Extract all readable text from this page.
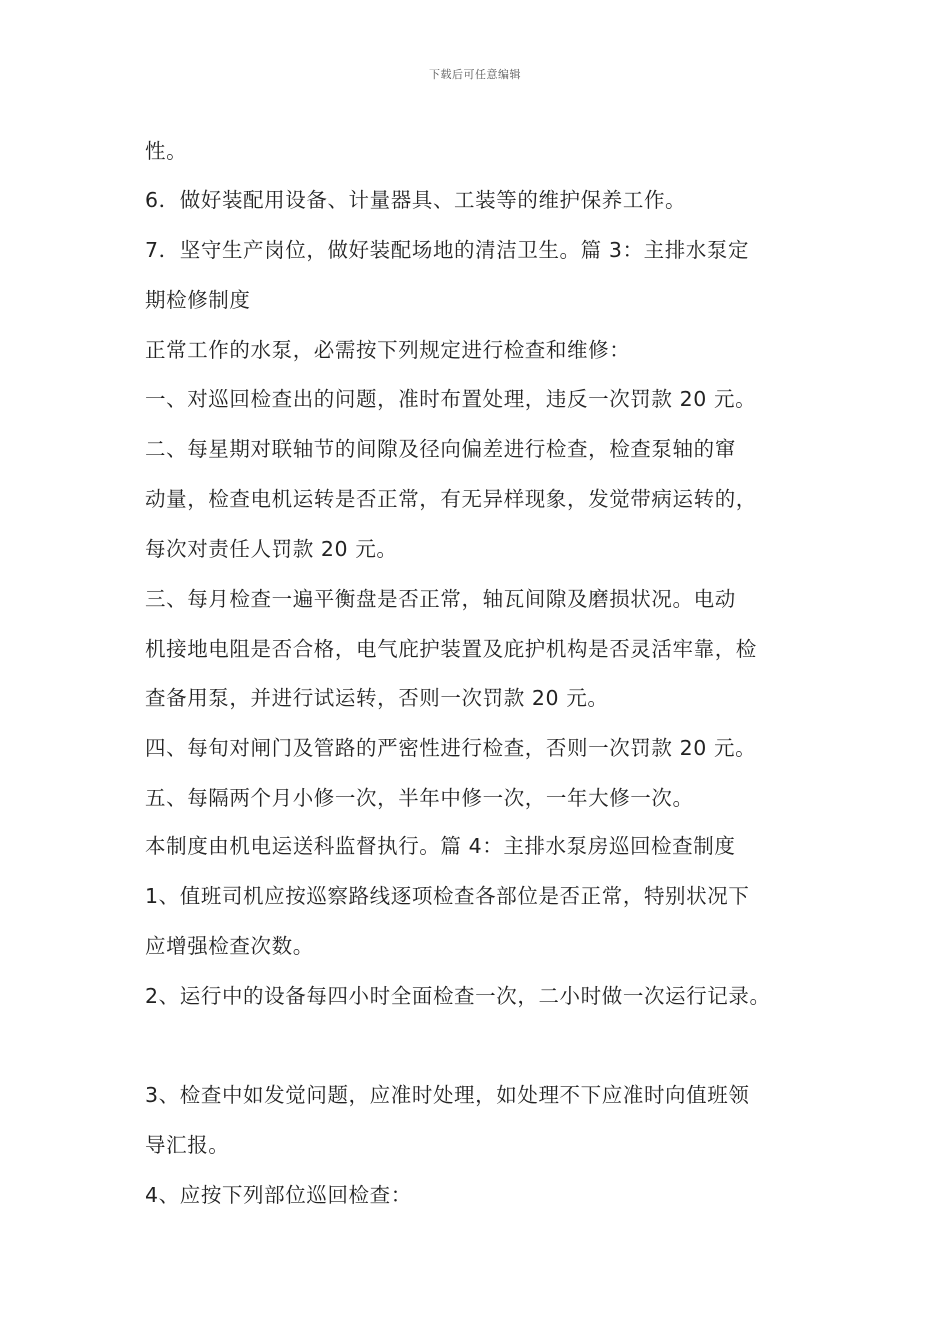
下载后可任意编辑
性。
6．做好装配用设备、计量器具、工装等的维护保养工作。
7．坚守生产岗位，做好装配场地的清洁卫生。篇 3：主排水泵定
期检修制度
正常工作的水泵，必需按下列规定进行检查和维修：
一、对巡回检查出的问题，准时布置处理，违反一次罚款 20 元。
二、每星期对联轴节的间隙及径向偏差进行检查，检查泵轴的窜
动量，检查电机运转是否正常，有无异样现象，发觉带病运转的，
每次对责任人罚款 20 元。
三、每月检查一遍平衡盘是否正常，轴瓦间隙及磨损状况。电动
机接地电阻是否合格，电气庇护装置及庇护机构是否灵活牢靠，检
查备用泵，并进行试运转，否则一次罚款 20 元。
四、每旬对闸门及管路的严密性进行检查，否则一次罚款 20 元。
五、每隔两个月小修一次，半年中修一次，一年大修一次。
本制度由机电运送科监督执行。篇 4：主排水泵房巡回检查制度
1、值班司机应按巡察路线逐项检查各部位是否正常，特别状况下
应增强检查次数。
2、运行中的设备每四小时全面检查一次，二小时做一次运行记录。
3、检查中如发觉问题，应准时处理，如处理不下应准时向值班领
导汇报。
4、应按下列部位巡回检查：
